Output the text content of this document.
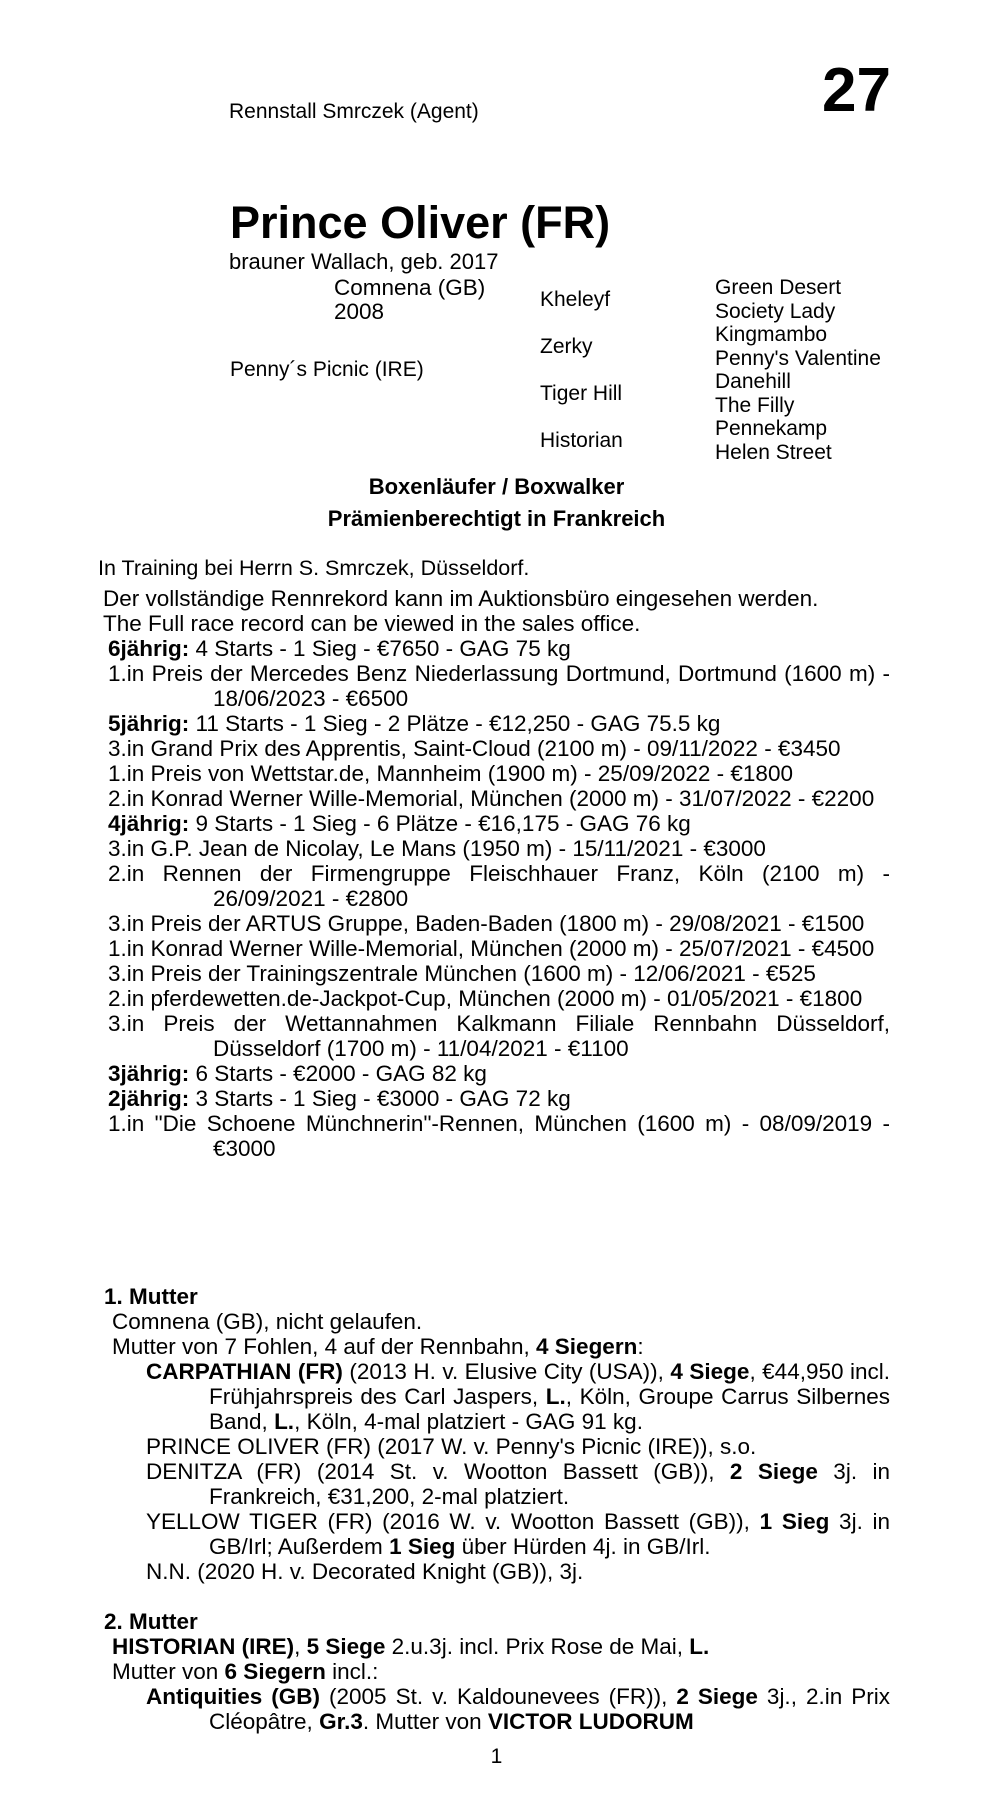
Rennstall Smrczek (Agent)	27
Prince Oliver (FR)
brauner Wallach, geb. 2017
Penny´s Picnic (IRE)
Comnena (GB)
2008	Kheleyf
Zerky
Tiger Hill
Historian
Green Desert
Society Lady
Kingmambo
Penny's Valentine
Danehill
The Filly
Pennekamp
Helen Street
Boxenläufer / Boxwalker
Prämienberechtigt in Frankreich
In Training bei Herrn S. Smrczek, Düsseldorf.

Der vollständige Rennrekord kann im Auktionsbüro eingesehen werden.

The Full race record can be viewed in the sales office.

6jährig: 4 Starts - 1 Sieg - €7650 - GAG 75 kg
1.in Preis der Mercedes Benz Niederlassung Dortmund, Dortmund (1600 m) - 18/06/2023 - €6500
5jährig: 11 Starts - 1 Sieg - 2 Plätze - €12,250 - GAG 75.5 kg
3.in Grand Prix des Apprentis, Saint-Cloud (2100 m) - 09/11/2022 - €3450
1.in Preis von Wettstar.de, Mannheim (1900 m) - 25/09/2022 - €1800
2.in Konrad Werner Wille-Memorial, München (2000 m) - 31/07/2022 - €2200
4jährig: 9 Starts - 1 Sieg - 6 Plätze - €16,175 - GAG 76 kg
3.in G.P. Jean de Nicolay, Le Mans (1950 m) - 15/11/2021 - €3000
2.in Rennen der Firmengruppe Fleischhauer Franz, Köln (2100 m) - 26/09/2021 - €2800
3.in Preis der ARTUS Gruppe, Baden-Baden (1800 m) - 29/08/2021 - €1500
1.in Konrad Werner Wille-Memorial, München (2000 m) - 25/07/2021 - €4500
3.in Preis der Trainingszentrale München (1600 m) - 12/06/2021 - €525
2.in pferdewetten.de-Jackpot-Cup, München (2000 m) - 01/05/2021 - €1800
3.in Preis der Wettannahmen Kalkmann Filiale Rennbahn Düsseldorf, Düsseldorf (1700 m) - 11/04/2021 - €1100
3jährig: 6 Starts - €2000 - GAG 82 kg
2jährig: 3 Starts - 1 Sieg - €3000 - GAG 72 kg
1.in "Die Schoene Münchnerin"-Rennen, München (1600 m) - 08/09/2019 - €3000
1. Mutter
Comnena (GB), nicht gelaufen.
Mutter von 7 Fohlen, 4 auf der Rennbahn, 4 Siegern:
CARPATHIAN (FR) (2013 H. v. Elusive City (USA)), 4 Siege, €44,950 incl. Frühjahrspreis des Carl Jaspers, L., Köln, Groupe Carrus Silbernes Band, L., Köln, 4-mal platziert - GAG 91 kg.
PRINCE OLIVER (FR) (2017 W. v. Penny's Picnic (IRE)), s.o.
DENITZA (FR) (2014 St. v. Wootton Bassett (GB)), 2 Siege 3j. in Frankreich, €31,200, 2-mal platziert.
YELLOW TIGER (FR) (2016 W. v. Wootton Bassett (GB)), 1 Sieg 3j. in GB/Irl; Außerdem 1 Sieg über Hürden 4j. in GB/Irl.
N.N. (2020 H. v. Decorated Knight (GB)), 3j.
2. Mutter
HISTORIAN (IRE), 5 Siege 2.u.3j. incl. Prix Rose de Mai, L.
Mutter von 6 Siegern incl.:
Antiquities (GB) (2005 St. v. Kaldounevees (FR)), 2 Siege 3j., 2.in Prix Cléopâtre, Gr.3. Mutter von VICTOR LUDORUM
1
